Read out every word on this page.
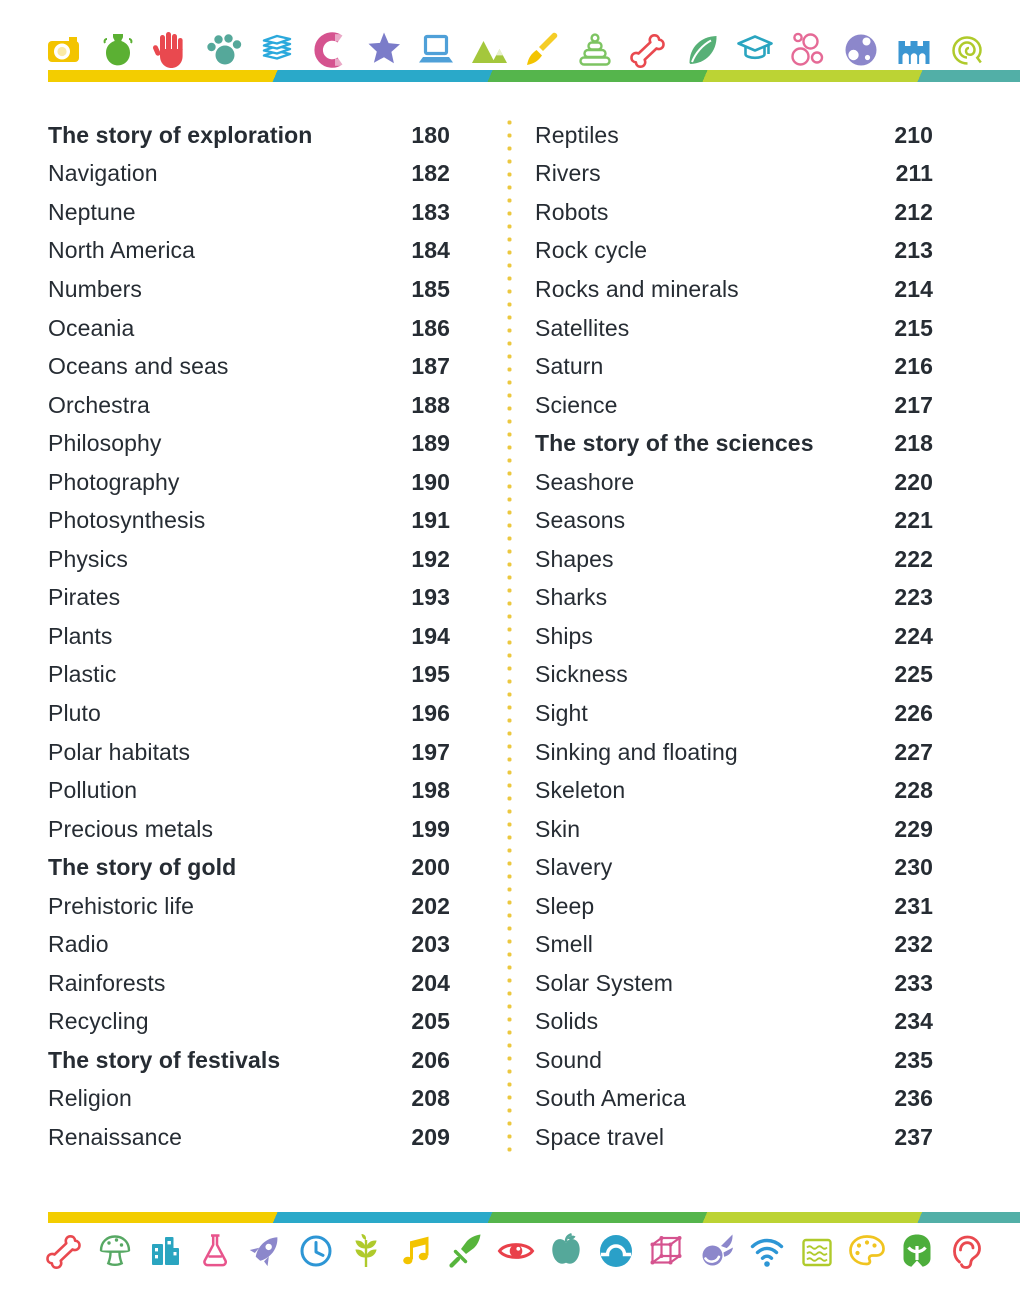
The story of exploration	180
Navigation	182
Neptune	183
North America	184
Numbers	185
Oceania	186
Oceans and seas	187
Orchestra	188
Philosophy	189
Photography	190
Photosynthesis	191
Physics	192
Pirates	193
Plants	194
Plastic	195
Pluto	196
Polar habitats	197
Pollution	198
Precious metals	199
The story of gold	200
Prehistoric life	202
Radio	203
Rainforests	204
Recycling	205
The story of festivals	206
Religion	208
Renaissance	209
Reptiles	210
Rivers	211
Robots	212
Rock cycle	213
Rocks and minerals	214
Satellites	215
Saturn	216
Science	217
The story of the sciences	218
Seashore	220
Seasons	221
Shapes	222
Sharks	223
Ships	224
Sickness	225
Sight	226
Sinking and floating	227
Skeleton	228
Skin	229
Slavery	230
Sleep	231
Smell	232
Solar System	233
Solids	234
Sound	235
South America	236
Space travel	237
